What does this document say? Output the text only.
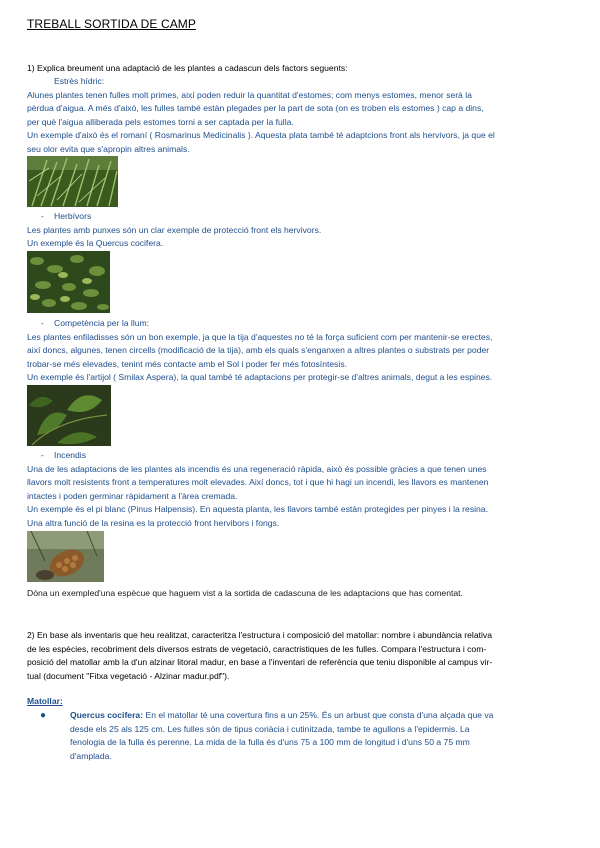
TREBALL SORTIDA DE CAMP
1) Explica breument una adaptació de les plantes a cadascun dels factors seguents:
Estrès hídric:
Alunes plantes tenen fulles molt primes, així poden reduir la quantitat d'estomes; com menys estomes, menor serà la
pèrdua d'aigua. A més d'això, les fulles també estàn plegades per la part de sota (on es troben els estomes ) cap a dins,
per què l'aigua alliberada pels estomes torni a ser captada per la fulla.
Un exemple d'això és el romaní ( Rosmarinus Medicinalis ). Aquesta plata també té adaptcions front als hervivors, ja que el
seu olor evita que s'apropin altres animals.
- Herbívors
Les plantes amb punxes són un clar exemple de protecció front els hervivors.
Un exemple és la Quercus cocifera.
- Competència per la llum:
Les plantes enfiladisses són un bon exemple, ja que la tija d'aquestes no té la força suficient com per mantenir-se erectes,
així doncs, algunes, tenen circells (modificació de la tija), amb els quals s'enganxen a altres plantes o substrats per poder
trobar-se més elevades, tenint més contacte amb el Sol i poder fer més fotosíntesis.
Un exemple és l'artijol ( Smilax Aspera), la qual també té adaptacions per protegir-se d'altres animals, degut a les espines.
- Incendis
Una de les adaptacions de les plantes als incendis és una regeneració ràpida, això és possible gràcies a que tenen unes
llavors molt resistents front a temperatures molt elevades. Així doncs, tot i que hi hagi un incendi, les llavors es mantenen
intactes i poden germinar ràpidament a l'àrea cremada.
Un exemple és el pi blanc (Pinus Halpensis). En aquesta planta, les llavors també estàn protegides per pinyes i la resina.
Una altra funció de la resina es la protecció front hervibors i fongs.
Dóna un exempled'una espècue que haguem vist a la sortida de cadascuna de les adaptacions que has comentat.
2) En base als inventaris que heu realitzat, caracteritza l'estructura i composició del matollar: nombre i abundància relativa
de les espècies, recobriment dels diversos estrats de vegetació, caractristiques de les fulles. Compara l'estructura i com-
posició del matollar amb la d'un alzinar litoral madur, en base a l'inventari de referència que teniu disponible al campus vir-
tual (document "Fitxa vegetació - Alzinar madur.pdf").
Matollar:
●	Quercus cocifera: En el matollar té una covertura fins a un 25%. És un arbust que consta d'una alçada que va
desde els 25 als 125 cm. Les fulles són de tipus coriàcia i cutinitzada, tambe te agullons a l'epidermis. La
fenologia de la fulla és perenne. La mida de la fulla és d'uns 75 a 100 mm de longitud i d'uns 50 a 75 mm
d'amplada.
